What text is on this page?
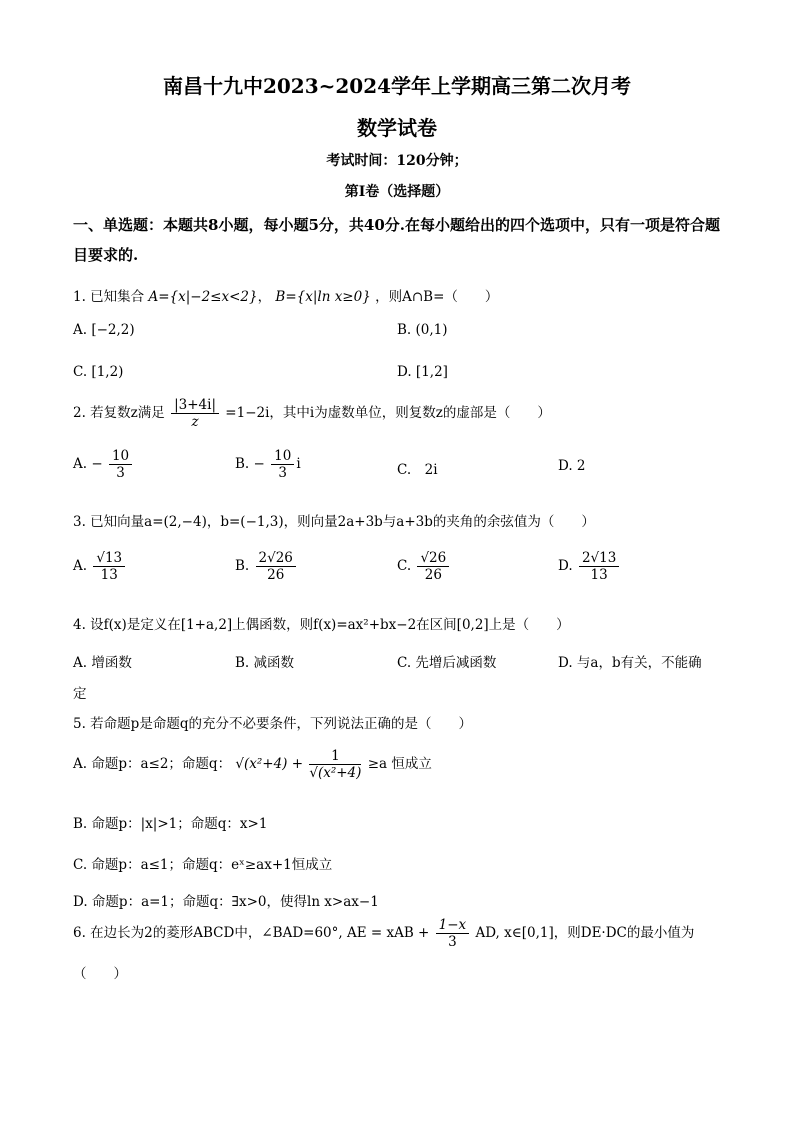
南昌十九中2023~2024学年上学期高三第二次月考
数学试卷
考试时间：120分钟；
第I卷（选择题）
一、单选题：本题共8小题，每小题5分，共40分.在每小题给出的四个选项中，只有一项是符合题目要求的.
1. 已知集合 A={x|−2≤x<2}， B={x|ln x≥0} ，则A∩B=（　　）
A. [−2,2)	B. (0,1)
C. [1,2)	D. [1,2]
2. 若复数z满足 $\frac{|3+4i|}{z} =1-2i$，其中i为虚数单位，则复数z的虚部是（　　）
A. − $\frac{10}{3}$	B. − $\frac{10}{3}$ i	C.　2i	D. 2
3. 已知向量a=(2,−4)，b=(−1,3)，则向量2a+3b与a+3b的夹角的余弦值为（　　）
A. $\frac{√13}{13}$	B. $\frac{2√26}{26}$	C. $\frac{√26}{26}$	D. $\frac{2√13}{13}$
4. 设f(x)是定义在[1+a,2]上偶函数，则f(x)=ax²+bx−2在区间[0,2]上是（　　）
A. 增函数	B. 减函数	C. 先增后减函数	D. 与a，b有关，不能确
定
5. 若命题p是命题q的充分不必要条件，下列说法正确的是（　　）
A. 命题p：a≤2；命题q： $√(x^2+4) + \frac{1}{\text{√(x²+4)}} \ge a$ 恒成立
B. 命题p：|x|>1；命题q：x>1
C. 命题p：a≤1；命题q：eˣ≥ax+1恒成立
D. 命题p：a=1；命题q：∃x>0，使得ln x>ax−1
6. 在边长为2的菱形ABCD中，∠BAD=60°, AE = xAB + $\frac{1-x}{3}$ AD, x∈[0,1]，则DE·DC的最小值为
（　　）
